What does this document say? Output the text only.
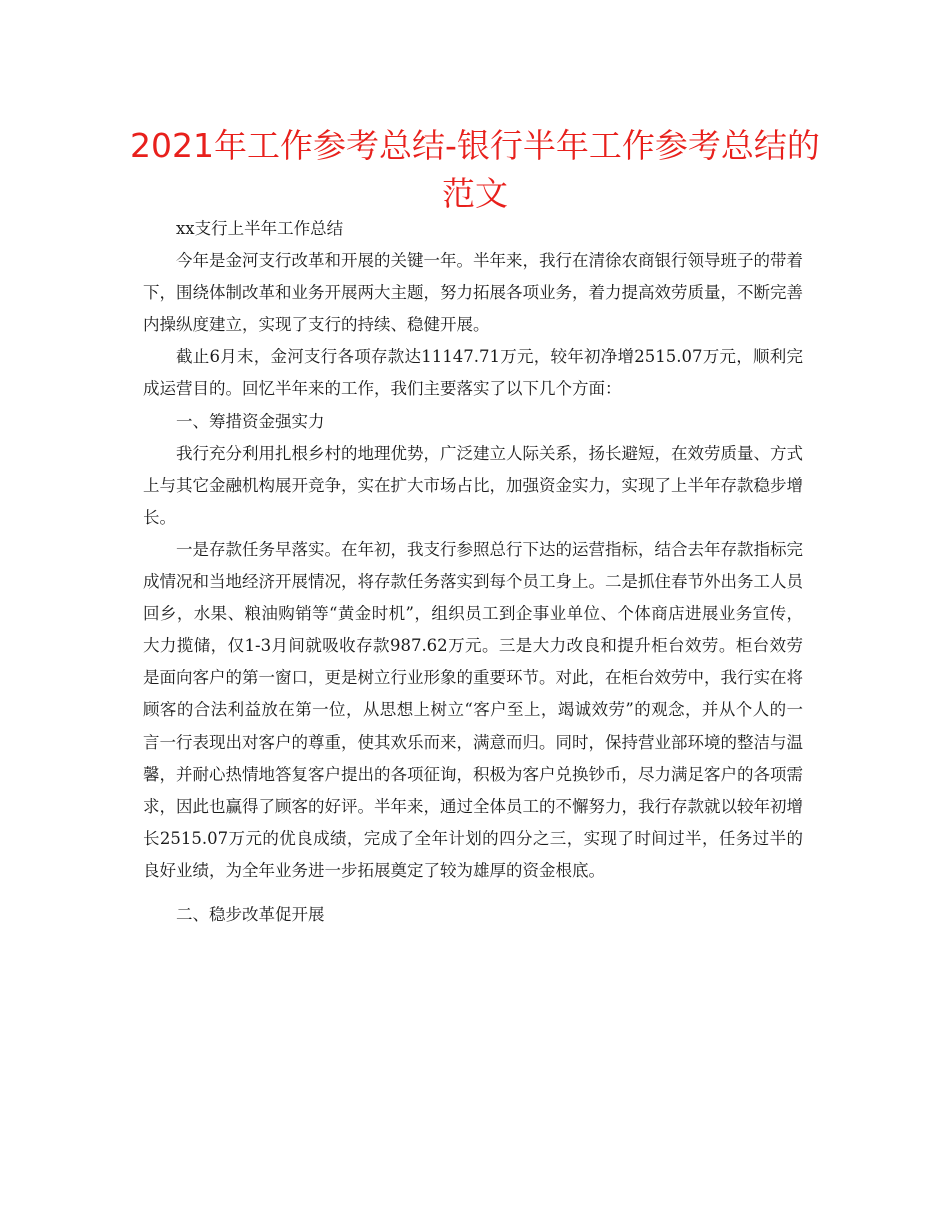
2021年工作参考总结-银行半年工作参考总结的
范文

xx支行上半年工作总结

今年是金河支行改革和开展的关键一年。半年来，我行在清徐农商银行领导班子的带着下，围绕体制改革和业务开展两大主题，努力拓展各项业务，着力提高效劳质量，不断完善内操纵度建立，实现了支行的持续、稳健开展。

截止6月末，金河支行各项存款达11147.71万元，较年初净增2515.07万元，顺利完成运营目的。回忆半年来的工作，我们主要落实了以下几个方面：

一、筹措资金强实力

我行充分利用扎根乡村的地理优势，广泛建立人际关系，扬长避短，在效劳质量、方式上与其它金融机构展开竞争，实在扩大市场占比，加强资金实力，实现了上半年存款稳步增长。

一是存款任务早落实。在年初，我支行参照总行下达的运营指标，结合去年存款指标完成情况和当地经济开展情况，将存款任务落实到每个员工身上。二是抓住春节外出务工人员回乡，水果、粮油购销等“黄金时机”，组织员工到企事业单位、个体商店进展业务宣传，大力揽储，仅1-3月间就吸收存款987.62万元。三是大力改良和提升柜台效劳。柜台效劳是面向客户的第一窗口，更是树立行业形象的重要环节。对此，在柜台效劳中，我行实在将顾客的合法利益放在第一位，从思想上树立“客户至上，竭诚效劳”的观念，并从个人的一言一行表现出对客户的尊重，使其欢乐而来，满意而归。同时，保持营业部环境的整洁与温馨，并耐心热情地答复客户提出的各项征询，积极为客户兑换钞币，尽力满足客户的各项需求，因此也赢得了顾客的好评。半年来，通过全体员工的不懈努力，我行存款就以较年初增长2515.07万元的优良成绩，完成了全年计划的四分之三，实现了时间过半，任务过半的良好业绩，为全年业务进一步拓展奠定了较为雄厚的资金根底。

二、稳步改革促开展
